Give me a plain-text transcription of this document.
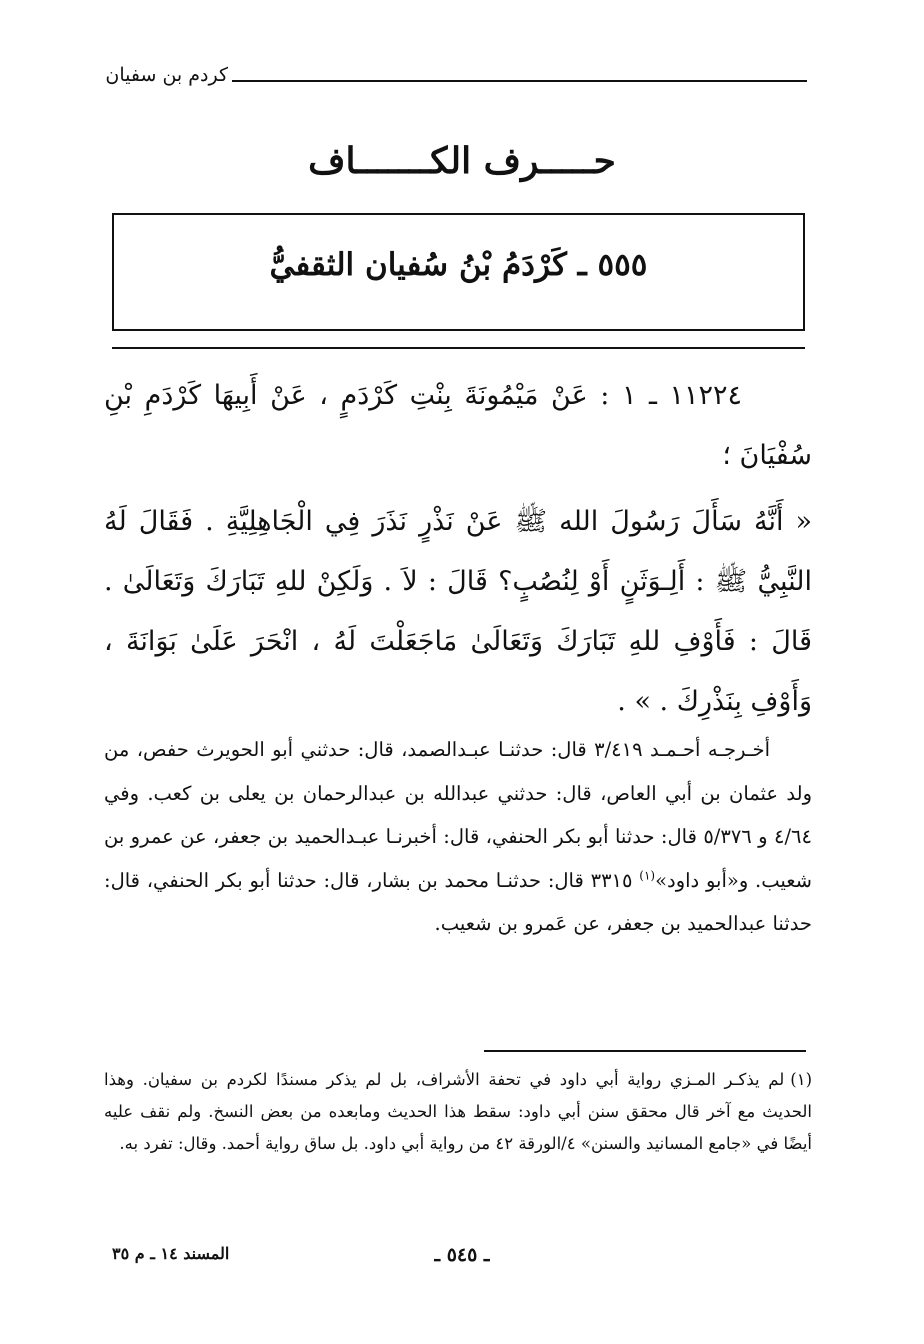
كردم بن سفيان
حـــــرف الكـــــــاف
٥٥٥ ـ كَرْدَمُ بْنُ سُفيان الثقفيُّ

١١٢٢٤ ـ ١ : عَنْ مَيْمُونَةَ بِنْتِ كَرْدَمٍ ، عَنْ أَبِيهَا كَرْدَمِ بْنِ سُفْيَانَ ؛

« أَنَّهُ سَأَلَ رَسُولَ الله ﷺ عَنْ نَذْرٍ نَذَرَ فِي الْجَاهِلِيَّةِ . فَقَالَ لَهُ النَّبِيُّ ﷺ : أَلِـوَثَنٍ أَوْ لِنُصُبٍ؟ قَالَ : لاَ . وَلَكِنْ للهِ تَبَارَكَ وَتَعَالَىٰ . قَالَ : فَأَوْفِ للهِ تَبَارَكَ وَتَعَالَىٰ مَاجَعَلْتَ لَهُ ، انْحَرَ عَلَىٰ بَوَانَةَ ، وَأَوْفِ بِنَذْرِكَ . » .

أخـرجـه أحـمـد ٣/٤١٩ قال: حدثنـا عبـدالصمد، قال: حدثني أبو الحويرث حفص، من ولد عثمان بن أبي العاص، قال: حدثني عبدالله بن عبدالرحمان بن يعلى بن كعب. وفي ٤/٦٤ و ٥/٣٧٦ قال: حدثنا أبو بكر الحنفي، قال: أخبرنـا عبـدالحميد بن جعفر، عن عمرو بن شعيب. و«أبو داود»$^{(١)}$ ٣٣١٥ قال: حدثنـا محمد بن بشار، قال: حدثنا أبو بكر الحنفي، قال: حدثنا عبدالحميد بن جعفر، عن عَمرو بن شعيب.
(١)لم يذكـر المـزي رواية أبي داود في تحفة الأشراف، بل لم يذكر مسندًا لكردم بن سفيان. وهذا الحديث مع آخر قال محقق سنن أبي داود: سقط هذا الحديث ومابعده من بعض النسخ. ولم نقف عليه أيضًا في «جامع المسانيد والسنن» ٤/الورقة ٤٢ من رواية أبي داود. بل ساق رواية أحمد. وقال: تفرد به.
ـ ٥٤٥ ـ
المسند ١٤ ـ م ٣٥
